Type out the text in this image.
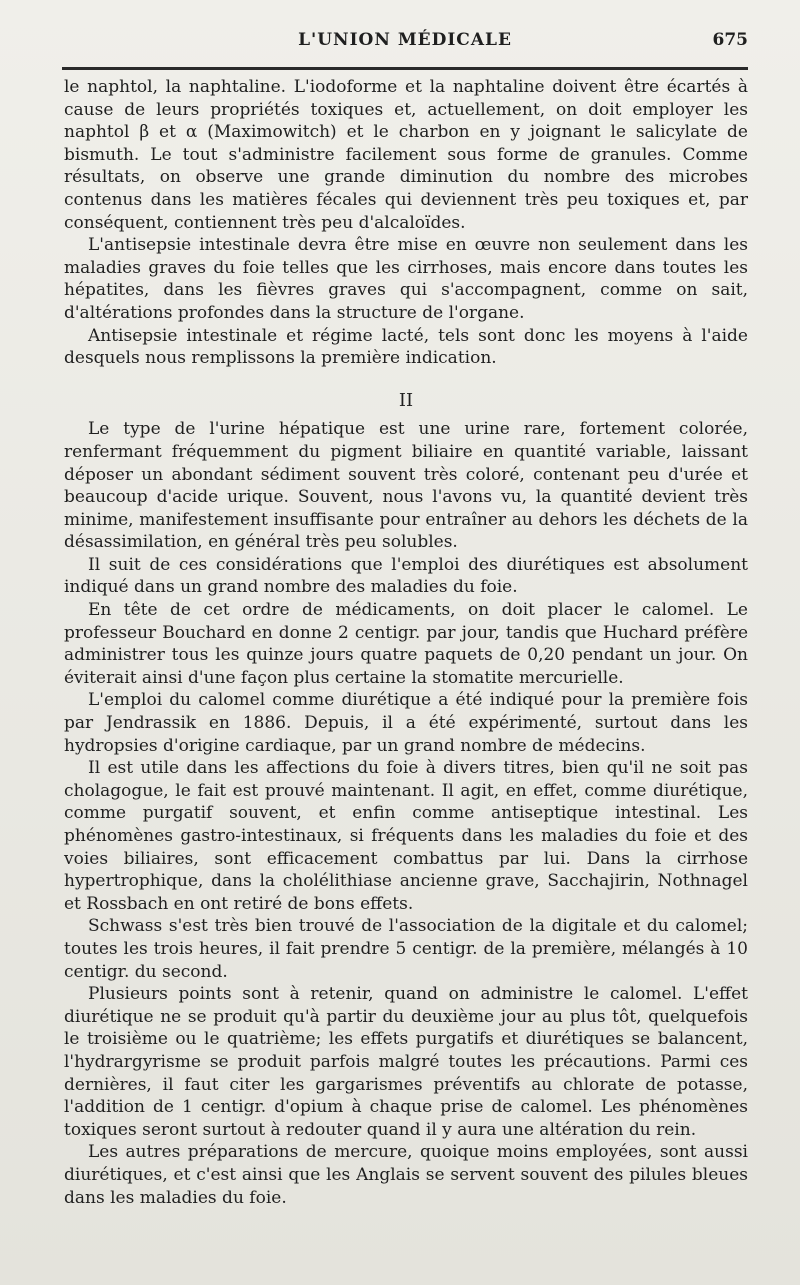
L'UNION MÉDICALE	675

le naphtol, la naphtaline. L'iodoforme et la naphtaline doivent être écartés à cause de leurs propriétés toxiques et, actuellement, on doit employer les naphtol β et α (Maximowitch) et le charbon en y joignant le salicylate de bismuth. Le tout s'administre facilement sous forme de granules. Comme résultats, on observe une grande diminution du nombre des microbes contenus dans les matières fécales qui deviennent très peu toxiques et, par conséquent, contiennent très peu d'alcaloïdes.

L'antisepsie intestinale devra être mise en œuvre non seulement dans les maladies graves du foie telles que les cirrhoses, mais encore dans toutes les hépatites, dans les fièvres graves qui s'accompagnent, comme on sait, d'altérations profondes dans la structure de l'organe.

Antisepsie intestinale et régime lacté, tels sont donc les moyens à l'aide desquels nous remplissons la première indication.

II

Le type de l'urine hépatique est une urine rare, fortement colorée, renfermant fréquemment du pigment biliaire en quantité variable, laissant déposer un abondant sédiment souvent très coloré, contenant peu d'urée et beaucoup d'acide urique. Souvent, nous l'avons vu, la quantité devient très minime, manifestement insuffisante pour entraîner au dehors les déchets de la désassimilation, en général très peu solubles.

Il suit de ces considérations que l'emploi des diurétiques est absolument indiqué dans un grand nombre des maladies du foie.

En tête de cet ordre de médicaments, on doit placer le calomel. Le professeur Bouchard en donne 2 centigr. par jour, tandis que Huchard préfère administrer tous les quinze jours quatre paquets de 0,20 pendant un jour. On éviterait ainsi d'une façon plus certaine la stomatite mercurielle.

L'emploi du calomel comme diurétique a été indiqué pour la première fois par Jendrassik en 1886. Depuis, il a été expérimenté, surtout dans les hydropsies d'origine cardiaque, par un grand nombre de médecins.

Il est utile dans les affections du foie à divers titres, bien qu'il ne soit pas cholagogue, le fait est prouvé maintenant. Il agit, en effet, comme diurétique, comme purgatif souvent, et enfin comme antiseptique intestinal. Les phénomènes gastro-intestinaux, si fréquents dans les maladies du foie et des voies biliaires, sont efficacement combattus par lui. Dans la cirrhose hypertrophique, dans la cholélithiase ancienne grave, Sacchajirin, Nothnagel et Rossbach en ont retiré de bons effets.

Schwass s'est très bien trouvé de l'association de la digitale et du calomel; toutes les trois heures, il fait prendre 5 centigr. de la première, mélangés à 10 centigr. du second.

Plusieurs points sont à retenir, quand on administre le calomel. L'effet diurétique ne se produit qu'à partir du deuxième jour au plus tôt, quelquefois le troisième ou le quatrième; les effets purgatifs et diurétiques se balancent, l'hydrargyrisme se produit parfois malgré toutes les précautions. Parmi ces dernières, il faut citer les gargarismes préventifs au chlorate de potasse, l'addition de 1 centigr. d'opium à chaque prise de calomel. Les phénomènes toxiques seront surtout à redouter quand il y aura une altération du rein.

Les autres préparations de mercure, quoique moins employées, sont aussi diurétiques, et c'est ainsi que les Anglais se servent souvent des pilules bleues dans les maladies du foie.
